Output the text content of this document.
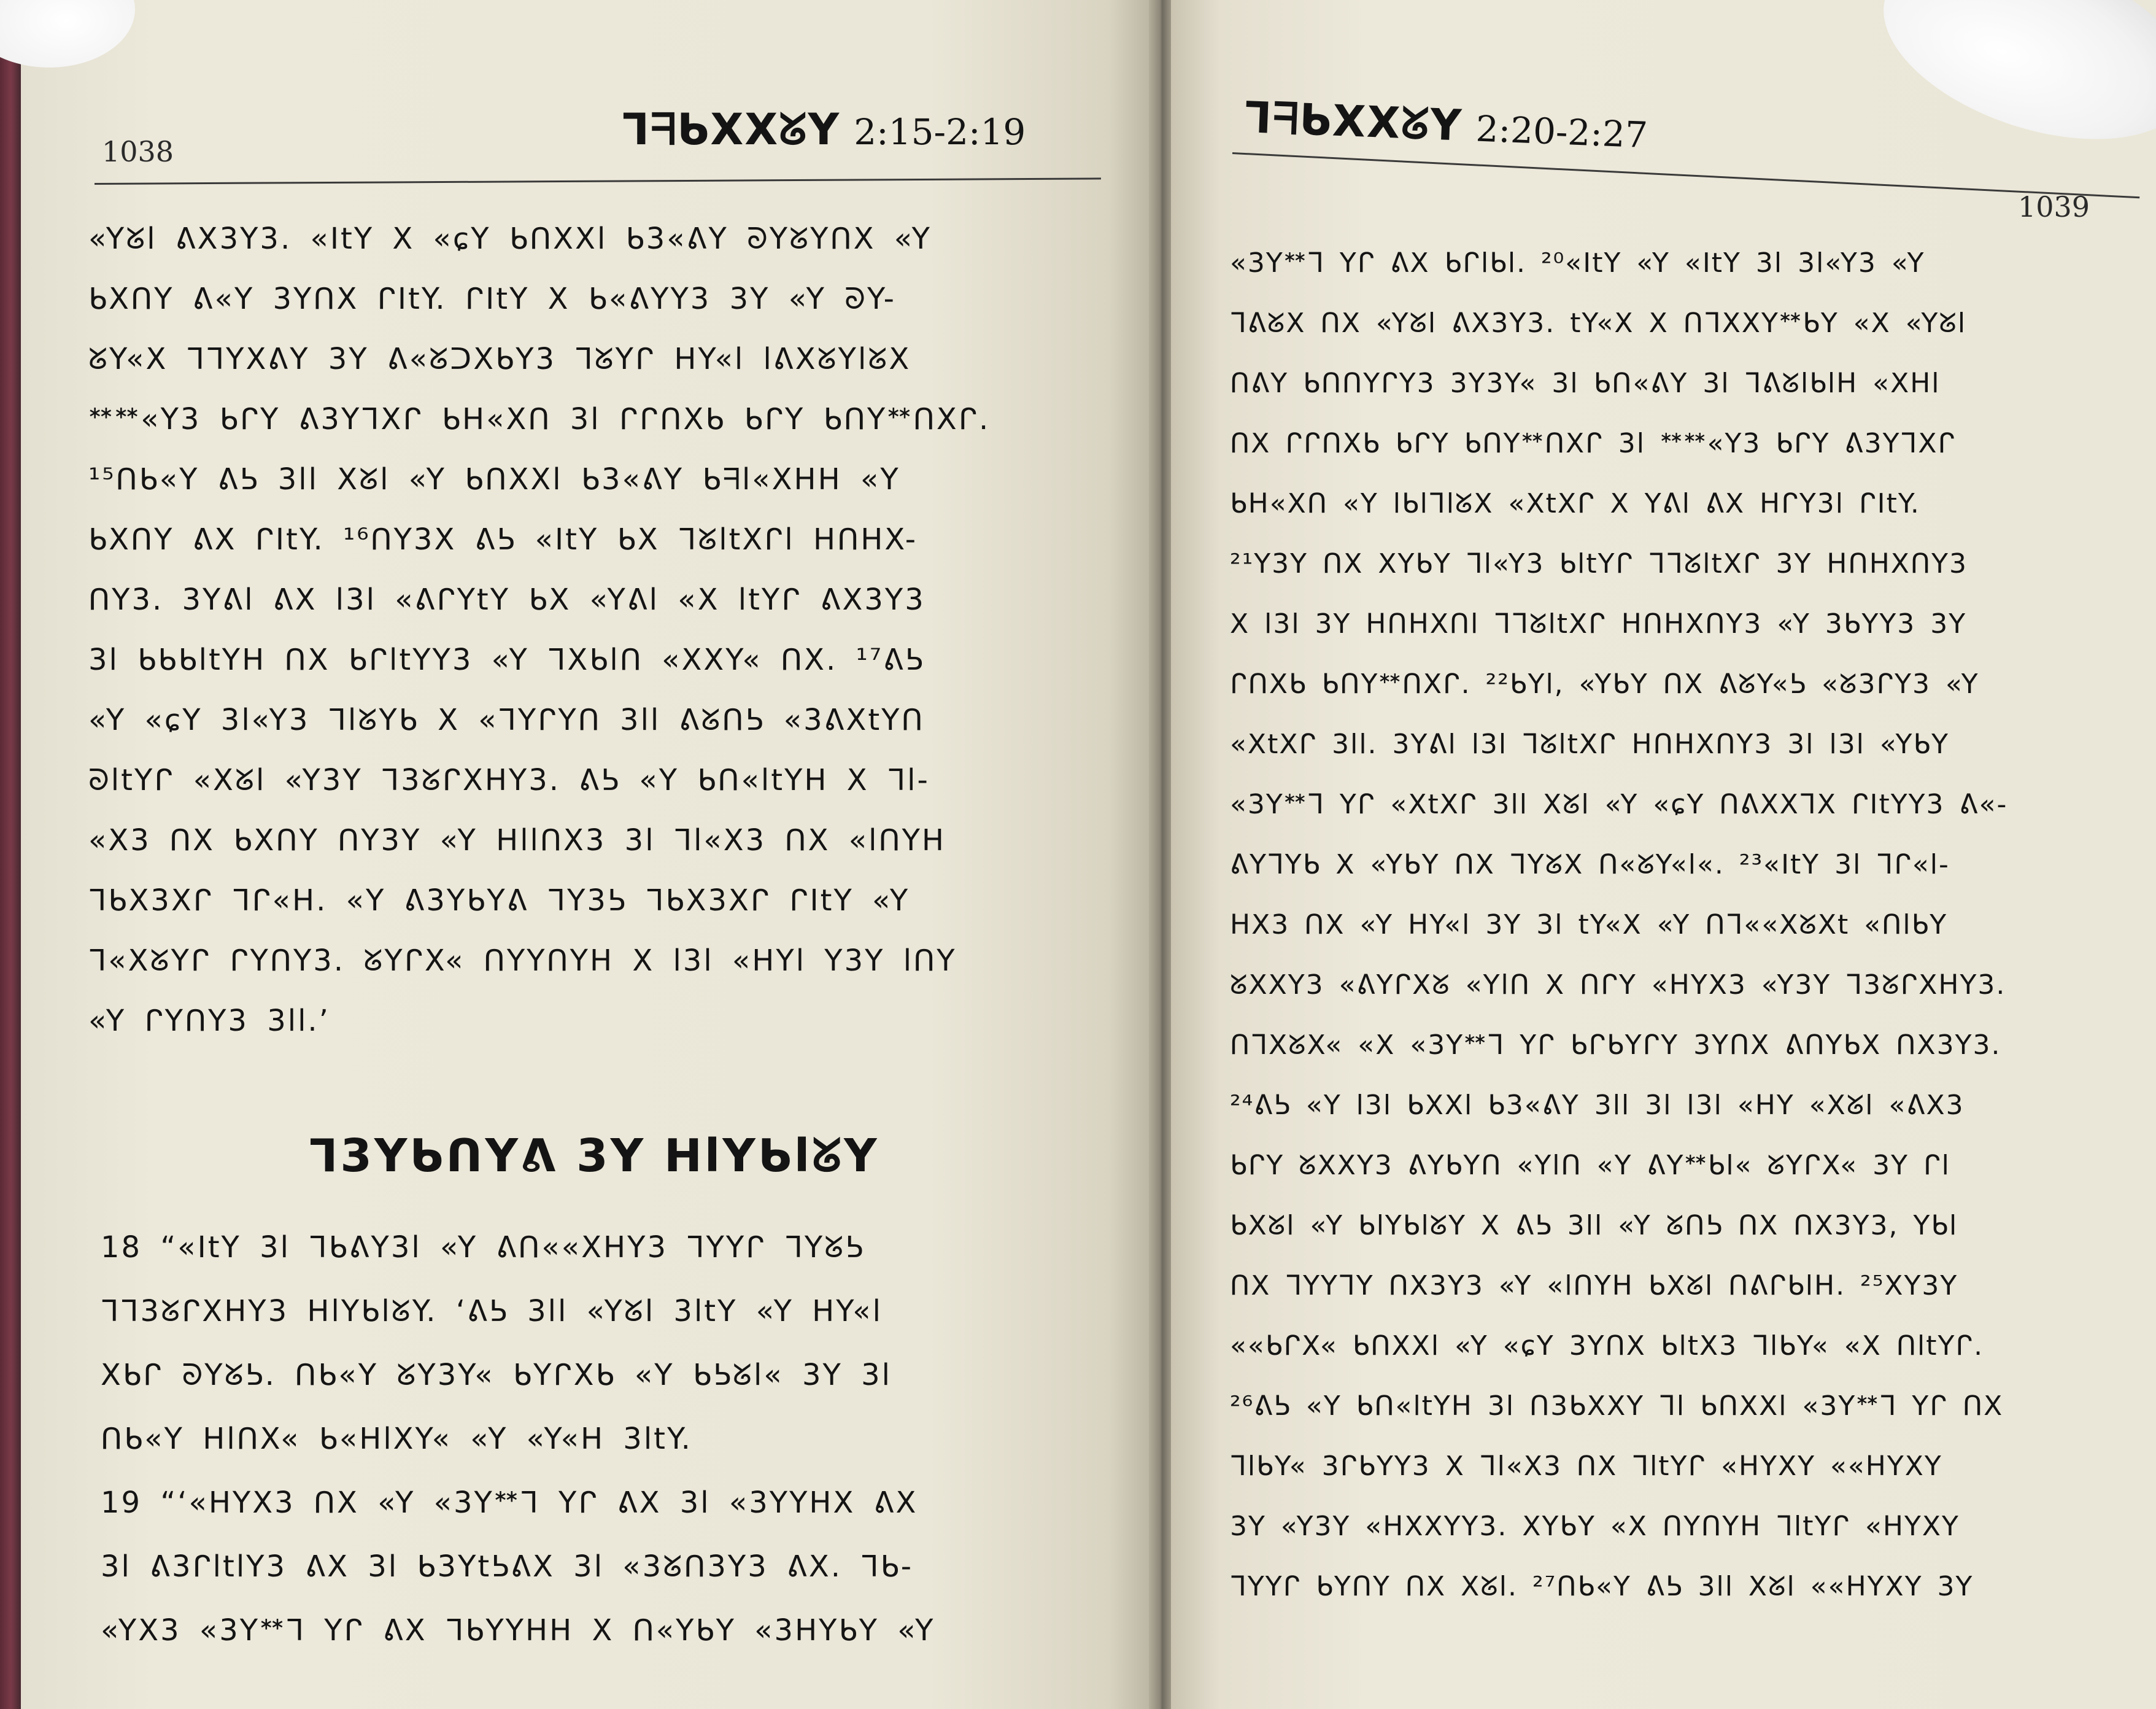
1038	ᒣᖷᑲXXᘜY 2:15-2:19
«Yᘜl ᕕX3Y3. «ItY X «ɕY ᑲᑎXXl ᑲ3«ᕕY ᘐYᘜYᑎX «Y
ᑲXᑎY ᕕ«Y 3YᑎX ᒋItY. ᒋItY X ᑲ«ᕕYY3 3Y «Y ᘐY-
ᘜY«X ᒣᒣYXᕕY 3Y ᕕ«ᘜᑐXᑲY3 ᒣᘜYᒋ ᕼY«l lᕕXᘜYlᘜX
ᕯᕯ«Y3 ᑲᒋY ᕕ3YᒣXᒋ ᑲᕼ«Xᑎ 3l ᒋᒋᑎXᑲ ᑲᒋY ᑲᑎYᕯᑎXᒋ.
¹⁵ᑎᑲ«Y ᕕᕊ 3ll Xᘜl «Y ᑲᑎXXl ᑲ3«ᕕY ᑲᖷl«Xᕼᕼ «Y
ᑲXᑎY ᕕX ᒋItY. ¹⁶ᑎY3X ᕕᕊ «ItY ᑲX ᒣᘜltXᒋl ᕼᑎᕼX-
ᑎY3. 3Yᕕl ᕕX l3l «ᕕᒋYtY ᑲX «Yᕕl «X ltYᒋ ᕕX3Y3
3l ᑲᑲᑲltYᕼ ᑎX ᑲᒋltYY3 «Y ᒣXᑲlᑎ «XXY« ᑎX. ¹⁷ᕕᕊ
«Y «ɕY 3l«Y3 ᒣlᘜYᑲ X «ᒣYᒋYᑎ 3ll ᕕᘜᑎᕊ «3ᕕXtYᑎ
ᘐltYᒋ «Xᘜl «Y3Y ᒣ3ᘜᒋXᕼY3. ᕕᕊ «Y ᑲᑎ«ltYᕼ X ᒣl-
«X3 ᑎX ᑲXᑎY ᑎY3Y «Y ᕼllᑎX3 3l ᒣl«X3 ᑎX «lᑎYᕼ
ᒣᑲX3Xᒋ ᒣᒋ«ᕼ. «Y ᕕ3YᑲYᕕ ᒣY3ᕊ ᒣᑲX3Xᒋ ᒋItY «Y
ᒣ«XᘜYᒋ ᒋYᑎY3. ᘜYᒋX« ᑎYYᑎYᕼ X l3l «ᕼYl Y3Y lᑎY
«Y ᒋYᑎY3 3ll.’
ᒣ3YᑲᑎYᕕ 3Y ᕼlYᑲlᘜY
18 “«ItY 3l ᒣᑲᕕY3l «Y ᕕᑎ««XᕼY3 ᒣYYᒋ ᒣYᘜᕊ
ᒣᒣ3ᘜᒋXᕼY3 ᕼlYᑲlᘜY. ‘ᕕᕊ 3ll «Yᘜl 3ltY «Y ᕼY«l
Xᑲᒋ ᘐYᘜᕊ. ᑎᑲ«Y ᘜY3Y« ᑲYᒋXᑲ «Y ᑲᕊᘜl« 3Y 3l
ᑎᑲ«Y ᕼlᑎX« ᑲ«ᕼlXY« «Y «Y«ᕼ 3ltY.
19 “‘«ᕼYX3 ᑎX «Y «3Yᕯᒣ Yᒋ ᕕX 3l «3YYᕼX ᕕX
3l ᕕ3ᒋltlY3 ᕕX 3l ᑲ3YtᕊᕕX 3l «3ᘜᑎ3Y3 ᕕX. ᒣᑲ-
«YX3 «3Yᕯᒣ Yᒋ ᕕX ᒣᑲYYᕼᕼ X ᑎ«YᑲY «3ᕼYᑲY «Y
ᒣᖷᑲXXᘜY 2:20-2:27
1039
«3Yᕯᒣ Yᒋ ᕕX ᑲᒋlᑲl. ²⁰«ItY «Y «ItY 3l 3l«Y3 «Y
ᒣᕕᘜX ᑎX «Yᘜl ᕕX3Y3. tY«X X ᑎᒣXXYᕯᑲY «X «Yᘜl
ᑎᕕY ᑲᑎᑎYᒋY3 3Y3Y« 3l ᑲᑎ«ᕕY 3l ᒣᕕᘜlᑲlᕼ «Xᕼl
ᑎX ᒋᒋᑎXᑲ ᑲᒋY ᑲᑎYᕯᑎXᒋ 3l ᕯᕯ«Y3 ᑲᒋY ᕕ3YᒣXᒋ
ᑲᕼ«Xᑎ «Y lᑲlᒣlᘜX «XtXᒋ X Yᕕl ᕕX ᕼᒋY3l ᒋItY.
²¹Y3Y ᑎX XYᑲY ᒣl«Y3 ᑲltYᒋ ᒣᒣᘜltXᒋ 3Y ᕼᑎᕼXᑎY3
X l3l 3Y ᕼᑎᕼXᑎl ᒣᒣᘜltXᒋ ᕼᑎᕼXᑎY3 «Y 3ᑲYY3 3Y
ᒋᑎXᑲ ᑲᑎYᕯᑎXᒋ. ²²ᑲYl, «YᑲY ᑎX ᕕᘜY«ᕊ «ᘜ3ᒋY3 «Y
«XtXᒋ 3ll. 3Yᕕl l3l ᒣᘜltXᒋ ᕼᑎᕼXᑎY3 3l l3l «YᑲY
«3Yᕯᒣ Yᒋ «XtXᒋ 3ll Xᘜl «Y «ɕY ᑎᕕXXᒣX ᒋItYY3 ᕕ«-
ᕕYᒣYᑲ X «YᑲY ᑎX ᒣYᘜX ᑎ«ᘜY«l«. ²³«ItY 3l ᒣᒋ«l-
ᕼX3 ᑎX «Y ᕼY«l 3Y 3l tY«X «Y ᑎᒣ««XᘜXt «ᑎlᑲY
ᘜXXY3 «ᕕYᒋXᘜ «Ylᑎ X ᑎᒋY «ᕼYX3 «Y3Y ᒣ3ᘜᒋXᕼY3.
ᑎᒣXᘜX« «X «3Yᕯᒣ Yᒋ ᑲᒋᑲYᒋY 3YᑎX ᕕᑎYᑲX ᑎX3Y3.
²⁴ᕕᕊ «Y l3l ᑲXXl ᑲ3«ᕕY 3ll 3l l3l «ᕼY «Xᘜl «ᕕX3
ᑲᒋY ᘜXXY3 ᕕYᑲYᑎ «Ylᑎ «Y ᕕYᕯᑲl« ᘜYᒋX« 3Y ᒋl
ᑲXᘜl «Y ᑲlYᑲlᘜY X ᕕᕊ 3ll «Y ᘜᑎᕊ ᑎX ᑎX3Y3, Yᑲl
ᑎX ᒣYYᒣY ᑎX3Y3 «Y «lᑎYᕼ ᑲXᘜl ᑎᕕᒋᑲlᕼ. ²⁵XY3Y
««ᑲᒋX« ᑲᑎXXl «Y «ɕY 3YᑎX ᑲltX3 ᒣlᑲY« «X ᑎltYᒋ.
²⁶ᕕᕊ «Y ᑲᑎ«ltYᕼ 3l ᑎ3ᑲXXY ᒣl ᑲᑎXXl «3Yᕯᒣ Yᒋ ᑎX
ᒣlᑲY« 3ᒋᑲYY3 X ᒣl«X3 ᑎX ᒣltYᒋ «ᕼYXY ««ᕼYXY
3Y «Y3Y «ᕼXXYY3. XYᑲY «X ᑎYᑎYᕼ ᒣltYᒋ «ᕼYXY
ᒣYYᒋ ᑲYᑎY ᑎX Xᘜl. ²⁷ᑎᑲ«Y ᕕᕊ 3ll Xᘜl ««ᕼYXY 3Y
